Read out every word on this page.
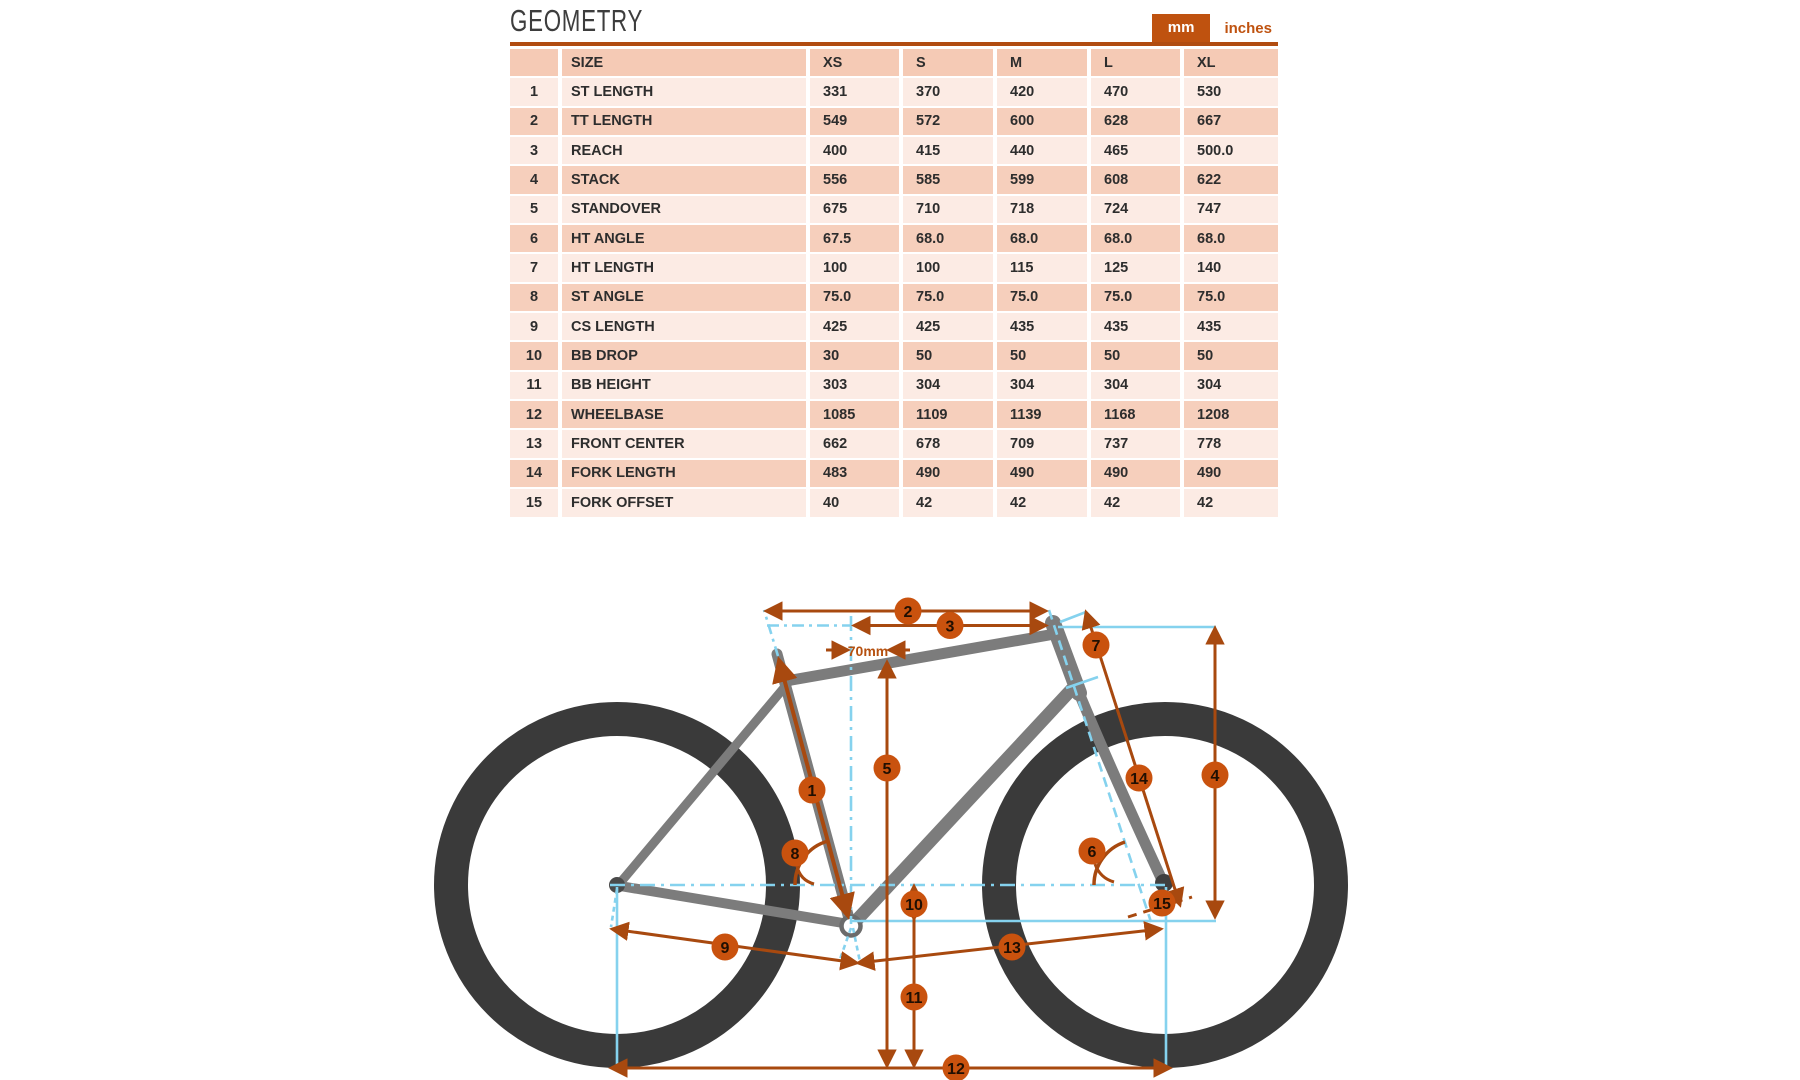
70mm
1
2
3
4
5
6
7
8
9
10
11
12
13
14
15
GEOMETRY	mm	inches
SIZE	XS	S	M	L	XL
1	ST LENGTH	331	370	420	470	530
2	TT LENGTH	549	572	600	628	667
3	REACH	400	415	440	465	500.0
4	STACK	556	585	599	608	622
5	STANDOVER	675	710	718	724	747
6	HT ANGLE	67.5	68.0	68.0	68.0	68.0
7	HT LENGTH	100	100	115	125	140
8	ST ANGLE	75.0	75.0	75.0	75.0	75.0
9	CS LENGTH	425	425	435	435	435
10	BB DROP	30	50	50	50	50
11	BB HEIGHT	303	304	304	304	304
12	WHEELBASE	1085	1109	1139	1168	1208
13	FRONT CENTER	662	678	709	737	778
14	FORK LENGTH	483	490	490	490	490
15	FORK OFFSET	40	42	42	42	42
